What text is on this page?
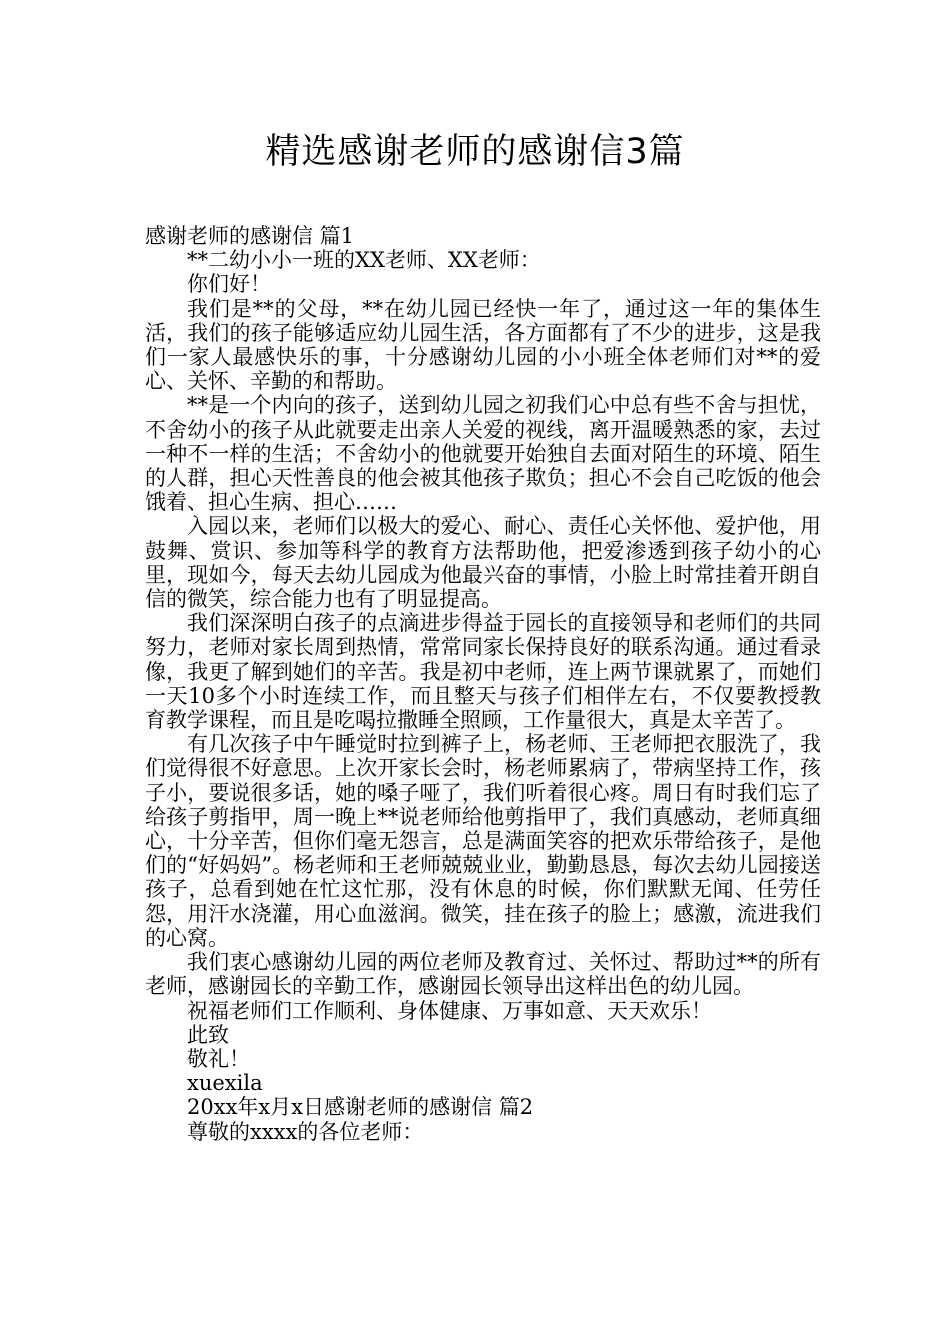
精选感谢老师的感谢信3篇

感谢老师的感谢信 篇1

**二幼小小一班的XX老师、XX老师：

你们好！

我们是**的父母，**在幼儿园已经快一年了，通过这一年的集体生活，我们的孩子能够适应幼儿园生活，各方面都有了不少的进步，这是我们一家人最感快乐的事，十分感谢幼儿园的小小班全体老师们对**的爱心、关怀、辛勤的和帮助。

**是一个内向的孩子，送到幼儿园之初我们心中总有些不舍与担忧，不舍幼小的孩子从此就要走出亲人关爱的视线，离开温暖熟悉的家，去过一种不一样的生活；不舍幼小的他就要开始独自去面对陌生的环境、陌生的人群，担心天性善良的他会被其他孩子欺负；担心不会自己吃饭的他会饿着、担心生病、担心……

入园以来，老师们以极大的爱心、耐心、责任心关怀他、爱护他，用鼓舞、赏识、参加等科学的教育方法帮助他，把爱渗透到孩子幼小的心里，现如今，每天去幼儿园成为他最兴奋的事情，小脸上时常挂着开朗自信的微笑，综合能力也有了明显提高。

我们深深明白孩子的点滴进步得益于园长的直接领导和老师们的共同努力，老师对家长周到热情，常常同家长保持良好的联系沟通。通过看录像，我更了解到她们的辛苦。我是初中老师，连上两节课就累了，而她们一天10多个小时连续工作，而且整天与孩子们相伴左右，不仅要教授教育教学课程，而且是吃喝拉撒睡全照顾，工作量很大，真是太辛苦了。

有几次孩子中午睡觉时拉到裤子上，杨老师、王老师把衣服洗了，我们觉得很不好意思。上次开家长会时，杨老师累病了，带病坚持工作，孩子小，要说很多话，她的嗓子哑了，我们听着很心疼。周日有时我们忘了给孩子剪指甲，周一晚上**说老师给他剪指甲了，我们真感动，老师真细心，十分辛苦，但你们毫无怨言，总是满面笑容的把欢乐带给孩子，是他们的“好妈妈”。杨老师和王老师兢兢业业，勤勤恳恳，每次去幼儿园接送孩子，总看到她在忙这忙那，没有休息的时候，你们默默无闻、任劳任怨，用汗水浇灌，用心血滋润。微笑，挂在孩子的脸上；感激，流进我们的心窝。

我们衷心感谢幼儿园的两位老师及教育过、关怀过、帮助过**的所有老师，感谢园长的辛勤工作，感谢园长领导出这样出色的幼儿园。

祝福老师们工作顺利、身体健康、万事如意、天天欢乐！

此致

敬礼！

xuexila

20xx年x月x日感谢老师的感谢信 篇2

尊敬的xxxx的各位老师：
